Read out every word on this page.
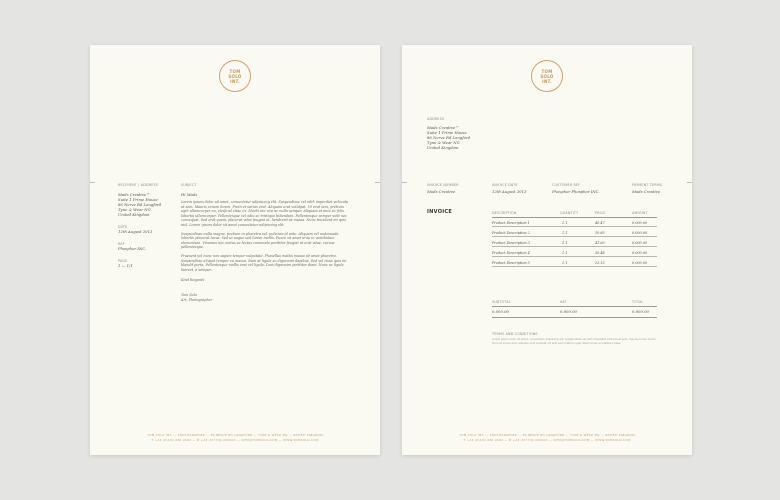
TOM
SOLO
INT.
RECIPIENT / ADDRESS
Mads Creative™
Suite 1 Prime House
86 Nerve Rd Longford
Tyne & Wear NG
United Kingdom
DATE
12th August 2013
REF
Phosphor INC.
PAGE
1 — 1/1
SUBJECT
Hi Mads

Lorem ipsum dolor sit amet, consectetur adipiscing elit. Suspendisse vel nibh imperdiet vehicula at sem. Mauris ornare lorem. Proin et varius erat. Aliquam erat volutpat. Ut erat sem, pretium eget ullamcorper eu, eleifend vitae ex. Morbi nec nisi ac nulla semper. Aliquam at ante ac felis lobortis ullamcorper. Pellentesque vel odio ac tristique bibendum. Pellentesque semper velit nec consequat. Sed erat quam, placerat vitae feugiat at, hendrerit ut massa. Nunc tincidunt mi quis nisl. Lorem ipsum dolor sit amet consectetur adipiscing elit.

Suspendisse nulla magna, pretium in pharetra vel, pulvinar id ante. Aliquam vel malesuada lobortis placerat lacus. Sed ut augue sed lorem mollis. Fusce sit amet urna in vestibulum elementum. Vivamus nec metus ac lectus commodo porttitor feugiat ut erat vitae, cursus pellentesque.

Praesent vel nunc non sapien tempor vulputate. Phasellus mattis massa sit amet pharetra. Suspendisse aliquet tempor eu massa. Nam at ligula ac dignissim dapibus. Sed vel risus quis mi blandit porta. Pellentesque mollis erat vel ligula. Duis dignissim porttitor diam. Nunc ac ligula laoreet, a semper.

Kind Regards
Tom Solo
Art, Photographer
TOM SOLO INT. — PHOTOGRAPHER — 86 NERVE RD LONGFORD — TYNE & WEAR NG — UNITED KINGDOM
T +44 (0)191 000 0000 — M +44 (0)7700 000000 — INFO@TOMSOLO.COM — WWW.TOMSOLO.COM
TOM
SOLO
INT.
ADDRESS
Mads Creative™
Suite 1 Prime House
86 Nerve Rd Longford
Tyne & Wear NG
United Kingdom
INVOICE NUMBER	INVOICE DATE	CUSTOMER REF	PAYMENT TERMS
Mads Creative	12th August 2013	Phosphor Phosphor INC.	Mads Creative
INVOICE	DESCRIPTION	QUANTITY	PRICE	AMOUNT
Product Description 1	1.1	40.47	0.000.00
Product Description 2	1.1	10.85	0.000.00
Product Description 3	1.1	41.60	0.000.00
Product Description 4	1.1	30.48	0.000.00
Product Description 5	1.1	23.13	0.000.00
SUBTOTAL	VAT	TOTAL
0.000.00	0.000.00	0.000.00
TERMS AND CONDITIONS
Lorem ipsum dolor sit amet, consectetur adipiscing elit. Suspendisse vel nibh imperdiet vehicula at sem, mauris ornare lorem. Proin et varius erat, aliquam erat volutpat. Ut erat sem pretium eget ullamcorper eu eleifend vitae.
TOM SOLO INT. — PHOTOGRAPHER — 86 NERVE RD LONGFORD — TYNE & WEAR NG — UNITED KINGDOM
T +44 (0)191 000 0000 — M +44 (0)7700 000000 — INFO@TOMSOLO.COM — WWW.TOMSOLO.COM
